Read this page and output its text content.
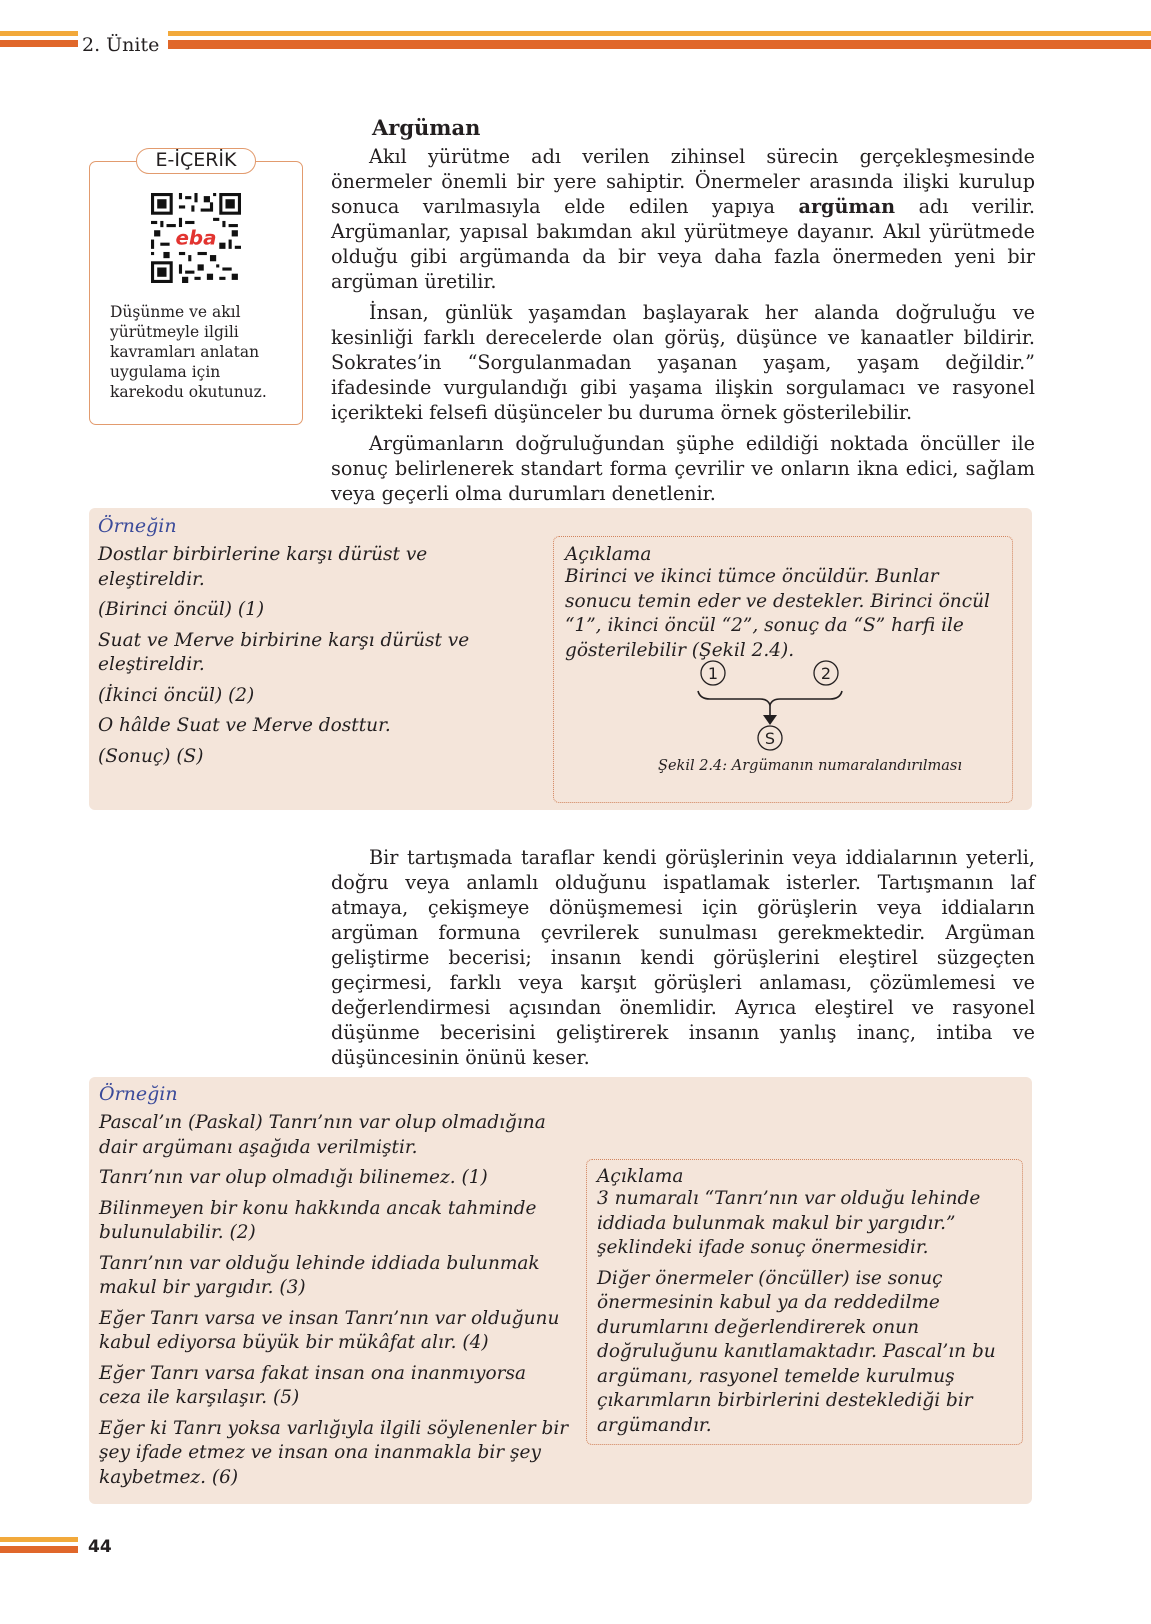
2. Ünite
E-İÇERİK
eba
Düşünme ve akıl yürütmeyle ilgili kavramları anlatan uygulama için karekodu okutunuz.
Argüman

Akıl yürütme adı verilen zihinsel sürecin gerçekleşmesinde önermeler önemli bir yere sahiptir. Önermeler arasında ilişki kurulup sonuca varılmasıyla elde edilen yapıya argüman adı verilir. Argümanlar, yapısal bakımdan akıl yürütmeye dayanır. Akıl yürütmede olduğu gibi argümanda da bir veya daha fazla önermeden yeni bir argüman üretilir.

İnsan, günlük yaşamdan başlayarak her alanda doğruluğu ve kesinliği farklı derecelerde olan görüş, düşünce ve kanaatler bildirir. Sokrates’in “Sorgulanmadan yaşanan yaşam, yaşam değildir.” ifadesinde vurgulandığı gibi yaşama ilişkin sorgulamacı ve rasyonel içerikteki felsefi düşünceler bu duruma örnek gösterilebilir.

Argümanların doğruluğundan şüphe edildiği noktada öncüller ile sonuç belirlenerek standart forma çevrilir ve onların ikna edici, sağlam veya geçerli olma durumları denetlenir.

Örneğin

Dostlar birbirlerine karşı dürüst ve eleştireldir.

(Birinci öncül) (1)

Suat ve Merve birbirine karşı dürüst ve eleştireldir.

(İkinci öncül) (2)

O hâlde Suat ve Merve dosttur.

(Sonuç) (S)

Açıklama

Birinci ve ikinci tümce öncüldür. Bunlar sonucu temin eder ve destekler. Birinci öncül “1”, ikinci öncül “2”, sonuç da “S” harfi ile gösterilebilir (Şekil 2.4).

1	2
S
Şekil 2.4: Argümanın numaralandırılması

Bir tartışmada taraflar kendi görüşlerinin veya iddialarının yeterli, doğru veya anlamlı olduğunu ispatlamak isterler. Tartışmanın laf atmaya, çekişmeye dönüşmemesi için görüşlerin veya iddiaların argüman formuna çevrilerek sunulması gerekmektedir. Argüman geliştirme becerisi; insanın kendi görüşlerini eleştirel süzgeçten geçirmesi, farklı veya karşıt görüşleri anlaması, çözümlemesi ve değerlendirmesi açısından önemlidir. Ayrıca eleştirel ve rasyonel düşünme becerisini geliştirerek insanın yanlış inanç, intiba ve düşüncesinin önünü keser.

Örneğin

Pascal’ın (Paskal) Tanrı’nın var olup olmadığına dair argümanı aşağıda verilmiştir.

Tanrı’nın var olup olmadığı bilinemez. (1)

Bilinmeyen bir konu hakkında ancak tahminde bulunulabilir. (2)

Tanrı’nın var olduğu lehinde iddiada bulunmak makul bir yargıdır. (3)

Eğer Tanrı varsa ve insan Tanrı’nın var olduğunu kabul ediyorsa büyük bir mükâfat alır. (4)

Eğer Tanrı varsa fakat insan ona inanmıyorsa ceza ile karşılaşır. (5)

Eğer ki Tanrı yoksa varlığıyla ilgili söylenenler bir şey ifade etmez ve insan ona inanmakla bir şey kaybetmez. (6)

Açıklama

3 numaralı “Tanrı’nın var olduğu lehinde iddiada bulunmak makul bir yargıdır.” şeklindeki ifade sonuç önermesidir.

Diğer önermeler (öncüller) ise sonuç önermesinin kabul ya da reddedilme durumlarını değerlendirerek onun doğruluğunu kanıtlamaktadır. Pascal’ın bu argümanı, rasyonel temelde kurulmuş çıkarımların birbirlerini desteklediği bir argümandır.

44
